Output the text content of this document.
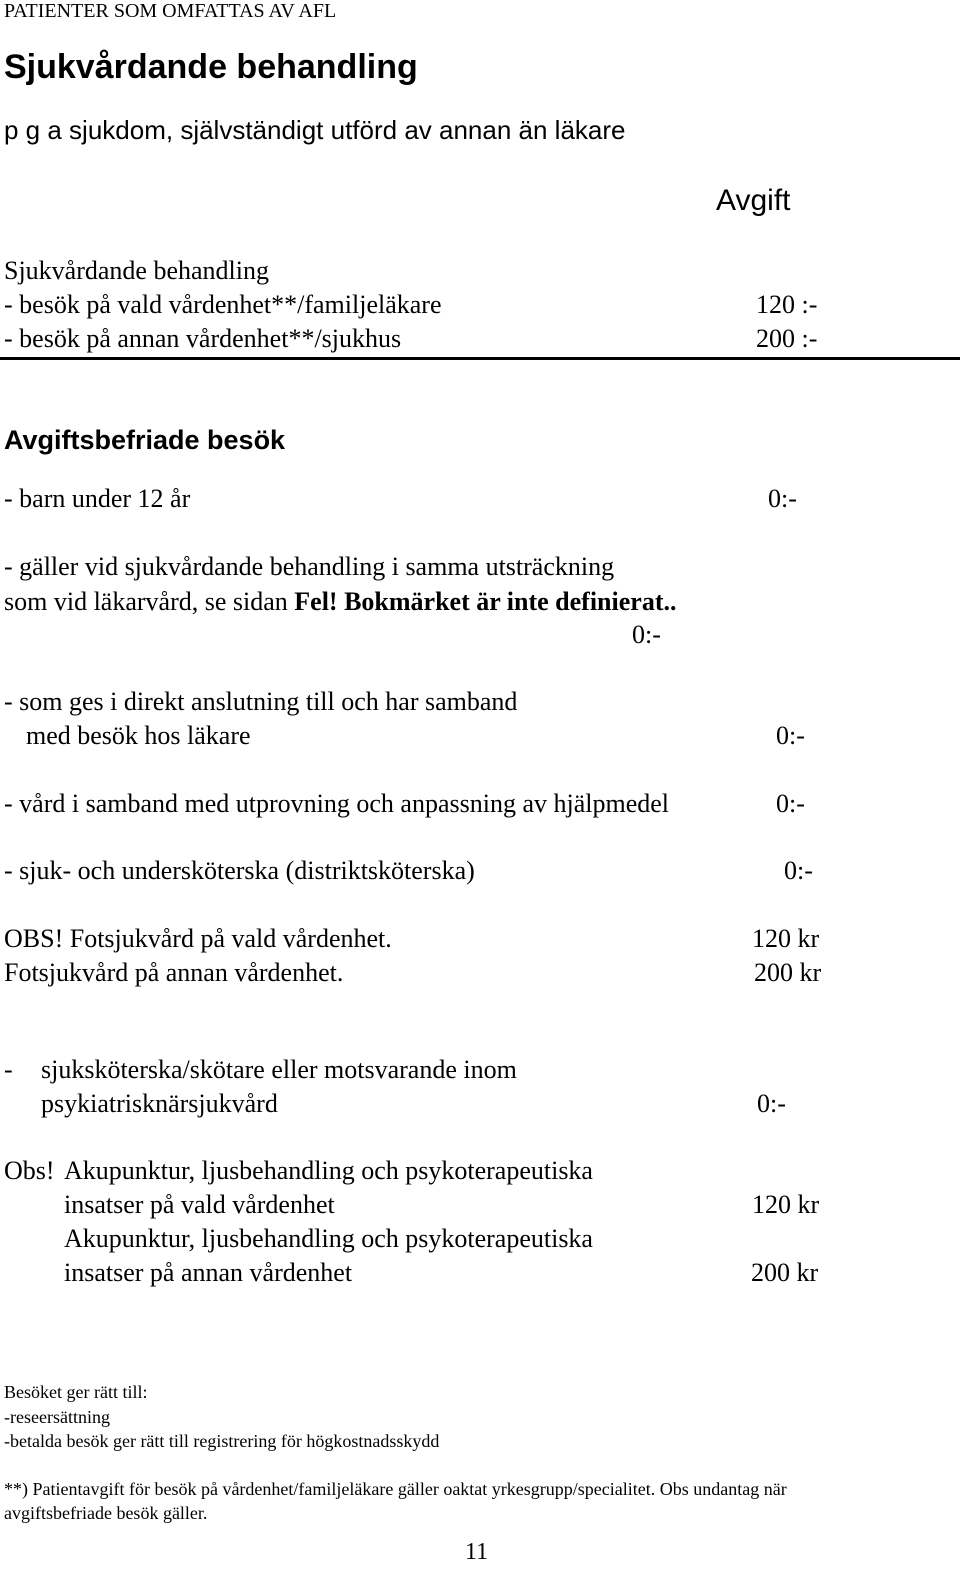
PATIENTER SOM OMFATTAS AV AFL
Sjukvårdande behandling
p g a sjukdom, självständigt utförd av annan än läkare
Avgift
Sjukvårdande behandling
- besök på vald vårdenhet**/familjeläkare	120 :-
- besök på annan vårdenhet**/sjukhus	200 :-
Avgiftsbefriade besök
- barn under 12 år	0:-
- gäller vid sjukvårdande behandling i samma utsträckning
som vid läkarvård, se sidan Fel! Bokmärket är inte definierat..
0:-
- som ges i direkt anslutning till och har samband
med besök hos läkare	0:-
- vård i samband med utprovning och anpassning av hjälpmedel	0:-
- sjuk- och undersköterska (distriktsköterska)	0:-
OBS! Fotsjukvård på vald vårdenhet.	120 kr
Fotsjukvård på annan vårdenhet.	200 kr
- sjuksköterska/skötare eller motsvarande inom
psykiatrisknärsjukvård	0:-
Obs! Akupunktur, ljusbehandling och psykoterapeutiska
insatser på vald vårdenhet	120 kr
Akupunktur, ljusbehandling och psykoterapeutiska
insatser på annan vårdenhet	200 kr
Besöket ger rätt till:
-reseersättning
-betalda besök ger rätt till registrering för högkostnadsskydd
**) Patientavgift för besök på vårdenhet/familjeläkare gäller oaktat yrkesgrupp/specialitet. Obs undantag när
avgiftsbefriade besök gäller.
11
